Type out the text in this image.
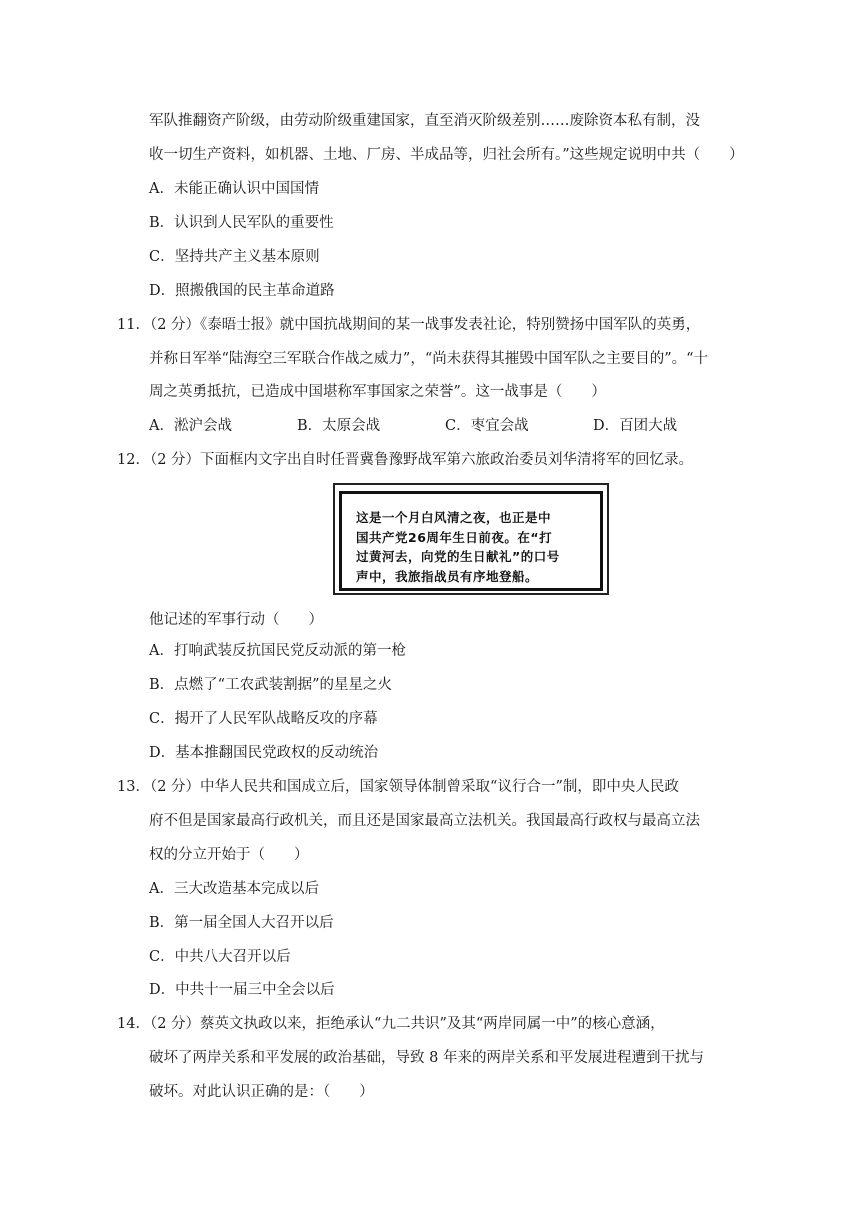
军队推翻资产阶级，由劳动阶级重建国家，直至消灭阶级差别……废除资本私有制，没
收一切生产资料，如机器、土地、厂房、半成品等，归社会所有。”这些规定说明中共（　　）
A．未能正确认识中国国情
B．认识到人民军队的重要性
C．坚持共产主义基本原则
D．照搬俄国的民主革命道路
11．（2 分）《泰晤士报》就中国抗战期间的某一战事发表社论，特别赞扬中国军队的英勇，
并称日军举“陆海空三军联合作战之威力”，“尚未获得其摧毁中国军队之主要目的”。“十
周之英勇抵抗，已造成中国堪称军事国家之荣誉”。这一战事是（　　）
A．淞沪会战	B．太原会战	C．枣宜会战	D．百团大战
12．（2 分）下面框内文字出自时任晋冀鲁豫野战军第六旅政治委员刘华清将军的回忆录。
这是一个月白风清之夜，也正是中
国共产党26周年生日前夜。在“打
过黄河去，向党的生日献礼”的口号
声中，我旅指战员有序地登船。
他记述的军事行动（　　）
A．打响武装反抗国民党反动派的第一枪
B．点燃了“工农武装割据”的星星之火
C．揭开了人民军队战略反攻的序幕
D．基本推翻国民党政权的反动统治
13．（2 分）中华人民共和国成立后，国家领导体制曾采取“议行合一”制，即中央人民政
府不但是国家最高行政机关，而且还是国家最高立法机关。我国最高行政权与最高立法
权的分立开始于（　　）
A．三大改造基本完成以后
B．第一届全国人大召开以后
C．中共八大召开以后
D．中共十一届三中全会以后
14．（2 分）蔡英文执政以来，拒绝承认“九二共识”及其“两岸同属一中”的核心意涵，
破坏了两岸关系和平发展的政治基础，导致 8 年来的两岸关系和平发展进程遭到干扰与
破坏。对此认识正确的是：（　　）
